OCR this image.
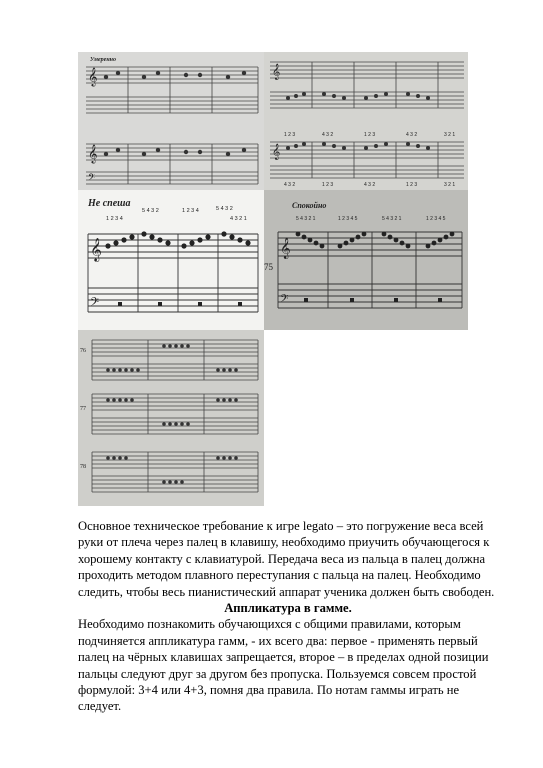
𝄞
𝄞
𝄢
Умеренно
1 2 3	4 3 2	1 2 3	4 3 2	3 2 1
4 3 2	1 2 3	4 3 2	1 2 3	3 2 1
𝄞
𝄞
𝄞
𝄢
Не спеша
1 2 3 4
5 4 3 2	1 2 3 4	5 4 3 2
4 3 2 1
𝄞
𝄢
Спокойно
75
5 4 3 2 1	1 2 3 4 5	5 4 3 2 1	1 2 3 4 5
76
77
78

Основное техническое требование к игре legato – это погружение веса всей руки от плеча через палец в клавишу, необходимо приучить обучающегося к хорошему контакту с клавиатурой. Передача веса из пальца в палец должна проходить методом плавного переступания с пальца на палец. Необходимо следить, чтобы весь пианистический аппарат ученика должен быть свободен.

Аппликатура в гамме.

Необходимо познакомить обучающихся с общими правилами, которым подчиняется аппликатура гамм, - их всего два: первое - применять первый палец на чёрных клавишах запрещается, второе – в пределах одной позиции пальцы следуют друг за другом без пропуска. Пользуемся совсем простой формулой: 3+4 или 4+3, помня два правила. По нотам гаммы играть не следует.
